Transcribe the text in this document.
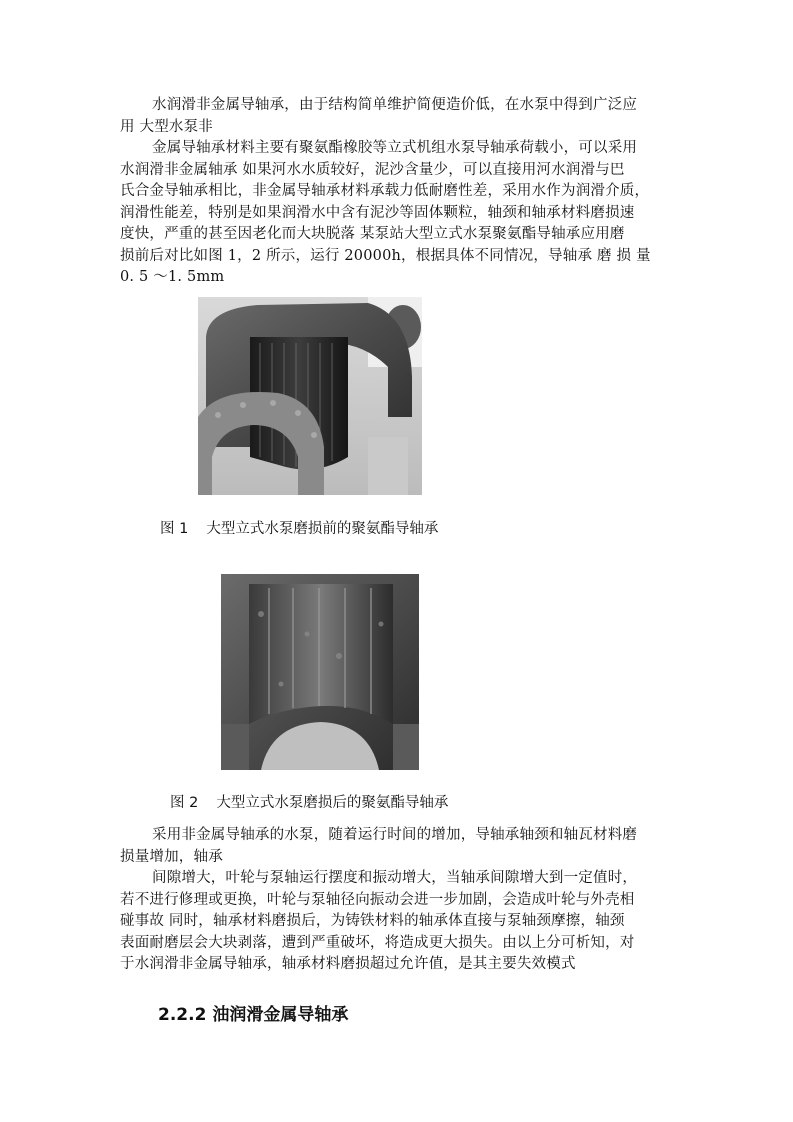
水润滑非金属导轴承，由于结构简单维护简便造价低，在水泵中得到广泛应
用 大型水泵非
金属导轴承材料主要有聚氨酯橡胶等立式机组水泵导轴承荷载小，可以采用
水润滑非金属轴承 如果河水水质较好，泥沙含量少，可以直接用河水润滑与巴
氏合金导轴承相比，非金属导轴承材料承载力低耐磨性差，采用水作为润滑介质，
润滑性能差，特别是如果润滑水中含有泥沙等固体颗粒，轴颈和轴承材料磨损速
度快，严重的甚至因老化而大块脱落 某泵站大型立式水泵聚氨酯导轴承应用磨
损前后对比如图 1，2 所示，运行 20000h，根据具体不同情况，导轴承 磨 损 量
0. 5 ～1. 5mm
图 1 大型立式水泵磨损前的聚氨酯导轴承
图 2 大型立式水泵磨损后的聚氨酯导轴承
采用非金属导轴承的水泵，随着运行时间的增加，导轴承轴颈和轴瓦材料磨
损量增加，轴承
间隙增大，叶轮与泵轴运行摆度和振动增大，当轴承间隙增大到一定值时，
若不进行修理或更换，叶轮与泵轴径向振动会进一步加剧，会造成叶轮与外壳相
碰事故 同时，轴承材料磨损后，为铸铁材料的轴承体直接与泵轴颈摩擦，轴颈
表面耐磨层会大块剥落，遭到严重破坏，将造成更大损失。由以上分可析知，对
于水润滑非金属导轴承，轴承材料磨损超过允许值，是其主要失效模式
2.2.2 油润滑金属导轴承
